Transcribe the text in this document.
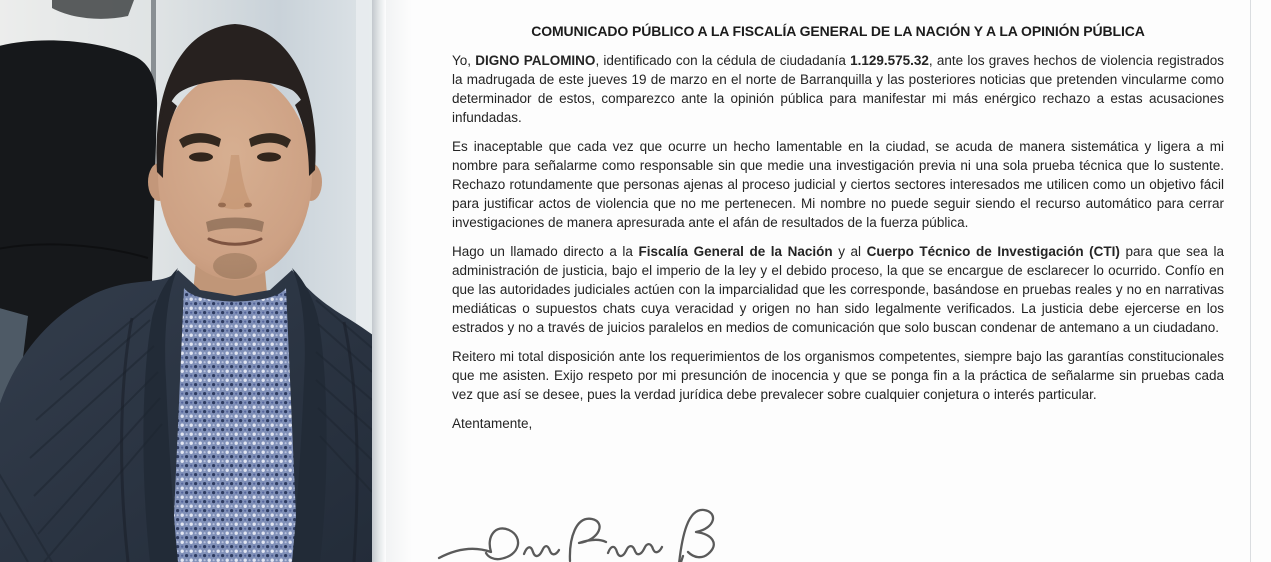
COMUNICADO PÚBLICO A LA FISCALÍA GENERAL DE LA NACIÓN Y A LA OPINIÓN PÚBLICA

Yo, DIGNO PALOMINO, identificado con la cédula de ciudadanía 1.129.575.32, ante los graves hechos de violencia registrados la madrugada de este jueves 19 de marzo en el norte de Barranquilla y las posteriores noticias que pretenden vincularme como determinador de estos, comparezco ante la opinión pública para manifestar mi más enérgico rechazo a estas acusaciones infundadas.

Es inaceptable que cada vez que ocurre un hecho lamentable en la ciudad, se acuda de manera sistemática y ligera a mi nombre para señalarme como responsable sin que medie una investigación previa ni una sola prueba técnica que lo sustente. Rechazo rotundamente que personas ajenas al proceso judicial y ciertos sectores interesados me utilicen como un objetivo fácil para justificar actos de violencia que no me pertenecen. Mi nombre no puede seguir siendo el recurso automático para cerrar investigaciones de manera apresurada ante el afán de resultados de la fuerza pública.

Hago un llamado directo a la Fiscalía General de la Nación y al Cuerpo Técnico de Investigación (CTI) para que sea la administración de justicia, bajo el imperio de la ley y el debido proceso, la que se encargue de esclarecer lo ocurrido. Confío en que las autoridades judiciales actúen con la imparcialidad que les corresponde, basándose en pruebas reales y no en narrativas mediáticas o supuestos chats cuya veracidad y origen no han sido legalmente verificados. La justicia debe ejercerse en los estrados y no a través de juicios paralelos en medios de comunicación que solo buscan condenar de antemano a un ciudadano.

Reitero mi total disposición ante los requerimientos de los organismos competentes, siempre bajo las garantías constitucionales que me asisten. Exijo respeto por mi presunción de inocencia y que se ponga fin a la práctica de señalarme sin pruebas cada vez que así se desee, pues la verdad jurídica debe prevalecer sobre cualquier conjetura o interés particular.

Atentamente,
